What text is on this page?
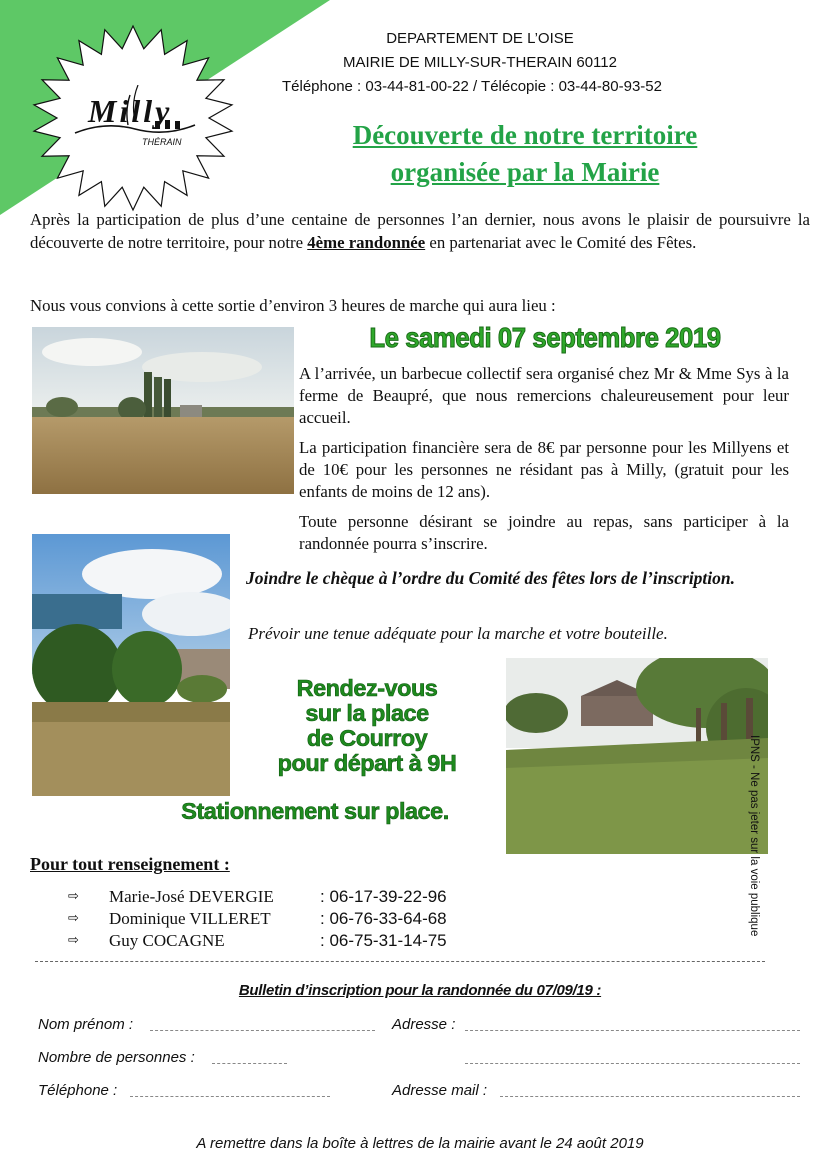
Milly
THÉRAIN
DEPARTEMENT DE L’OISE
MAIRIE DE MILLY-SUR-THERAIN 60112
Téléphone : 03-44-81-00-22 / Télécopie : 03-44-80-93-52
Découverte de notre territoire
organisée par la Mairie
Après la participation de plus d’une centaine de personnes l’an dernier, nous avons le plaisir de poursuivre la découverte de notre territoire, pour notre 4ème randonnée en partenariat avec le Comité des Fêtes.
Nous vous convions à cette sortie d’environ 3 heures de marche qui aura lieu :
Le samedi 07 septembre 2019
A l’arrivée, un barbecue collectif sera organisé chez Mr & Mme Sys à la ferme de Beaupré, que nous remercions chaleureusement pour leur accueil.
La participation financière sera de 8€ par personne pour les Millyens et de 10€ pour les personnes ne résidant pas à Milly, (gratuit pour les enfants de moins de 12 ans).
Toute personne désirant se joindre au repas, sans participer à la randonnée pourra s’inscrire.
Joindre le chèque à l’ordre du Comité des fêtes lors de l’inscription.
Prévoir une tenue adéquate pour la marche et votre bouteille.
Rendez-vous
sur la place
de Courroy
pour départ à 9H
Stationnement sur place.	IPNS - Ne pas jeter sur la voie publique
Pour tout renseignement :
⇨ Marie-José DEVERGIE	: 06-17-39-22-96
⇨ Dominique VILLERET	: 06-76-33-64-68
⇨ Guy COCAGNE	: 06-75-31-14-75
Bulletin d’inscription pour la randonnée du 07/09/19 :
Nom prénom :	Adresse :
Nombre de personnes :
Téléphone :	Adresse mail :
A remettre dans la boîte à lettres de la mairie avant le 24 août 2019
